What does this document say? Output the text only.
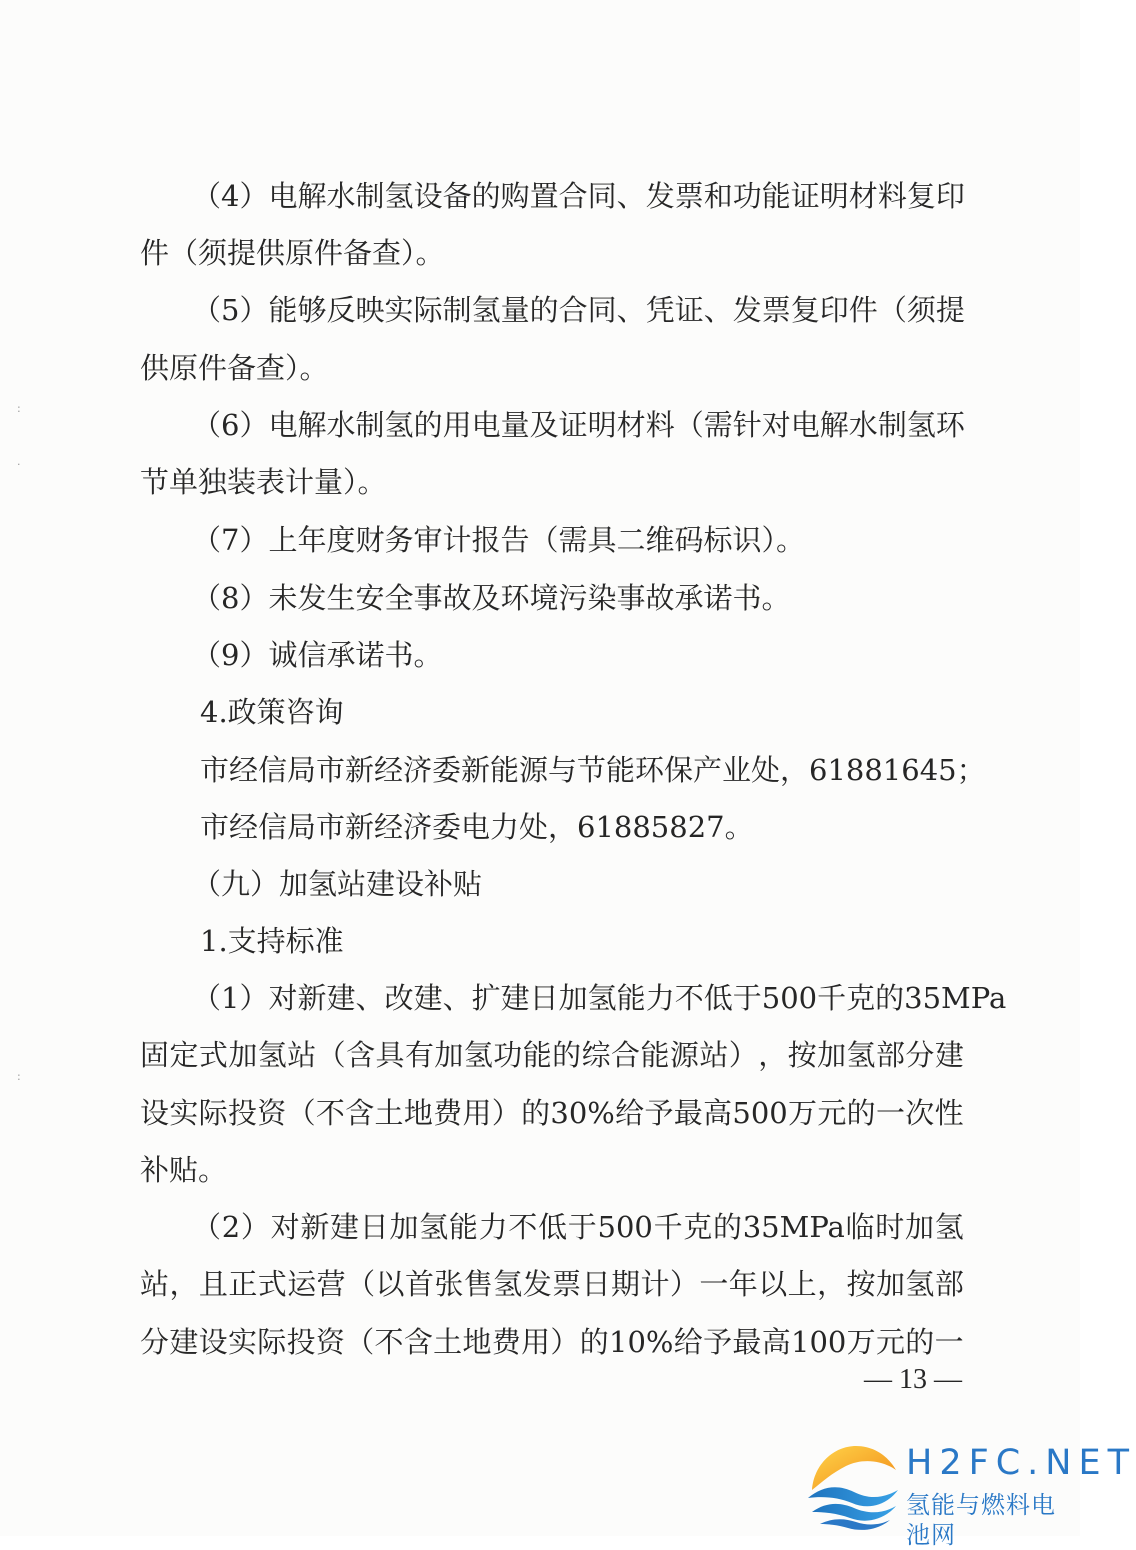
（ 4 ） 电 解 水 制 氢 设 备 的 购 置 合 同 、 发 票 和 功 能 证 明 材 料 复 印
件（须提供原件备查）。
（ 5 ） 能 够 反 映 实 际 制 氢 量 的 合 同 、 凭 证 、 发 票 复 印 件 （ 须 提
供原件备查）。
（ 6 ） 电 解 水 制 氢 的 用 电 量 及 证 明 材 料 （ 需 针 对 电 解 水 制 氢 环
节单独装表计量）。
（7）上年度财务审计报告（需具二维码标识）。
（8）未发生安全事故及环境污染事故承诺书。
（9）诚信承诺书。
4.政策咨询
市经信局市新经济委新能源与节能环保产业处，61881645；
市经信局市新经济委电力处，61885827。
（九）加氢站建设补贴
1.支持标准
（ 1 ） 对 新 建 、 改 建 、 扩 建 日 加 氢 能 力 不 低 于 500 千 克 的 35MPa
固 定 式 加 氢 站 （ 含 具 有 加 氢 功 能 的 综 合 能 源 站 ） ， 按 加 氢 部 分 建
设 实 际 投 资 （ 不 含 土 地 费 用 ） 的 30% 给 予 最 高 500 万 元 的 一 次 性
补贴。
（ 2 ） 对 新 建 日 加 氢 能 力 不 低 于 500 千 克 的 35MPa 临 时 加 氢
站 ， 且 正 式 运 营 （ 以 首 张 售 氢 发 票 日 期 计 ） 一 年 以 上 ， 按 加 氢 部
分 建 设 实 际 投 资 （ 不 含 土 地 费 用 ） 的 10% 给 予 最 高 100 万 元 的 一
— 13 —
:
·
:
H2FC.NET
氢能与燃料电池网
